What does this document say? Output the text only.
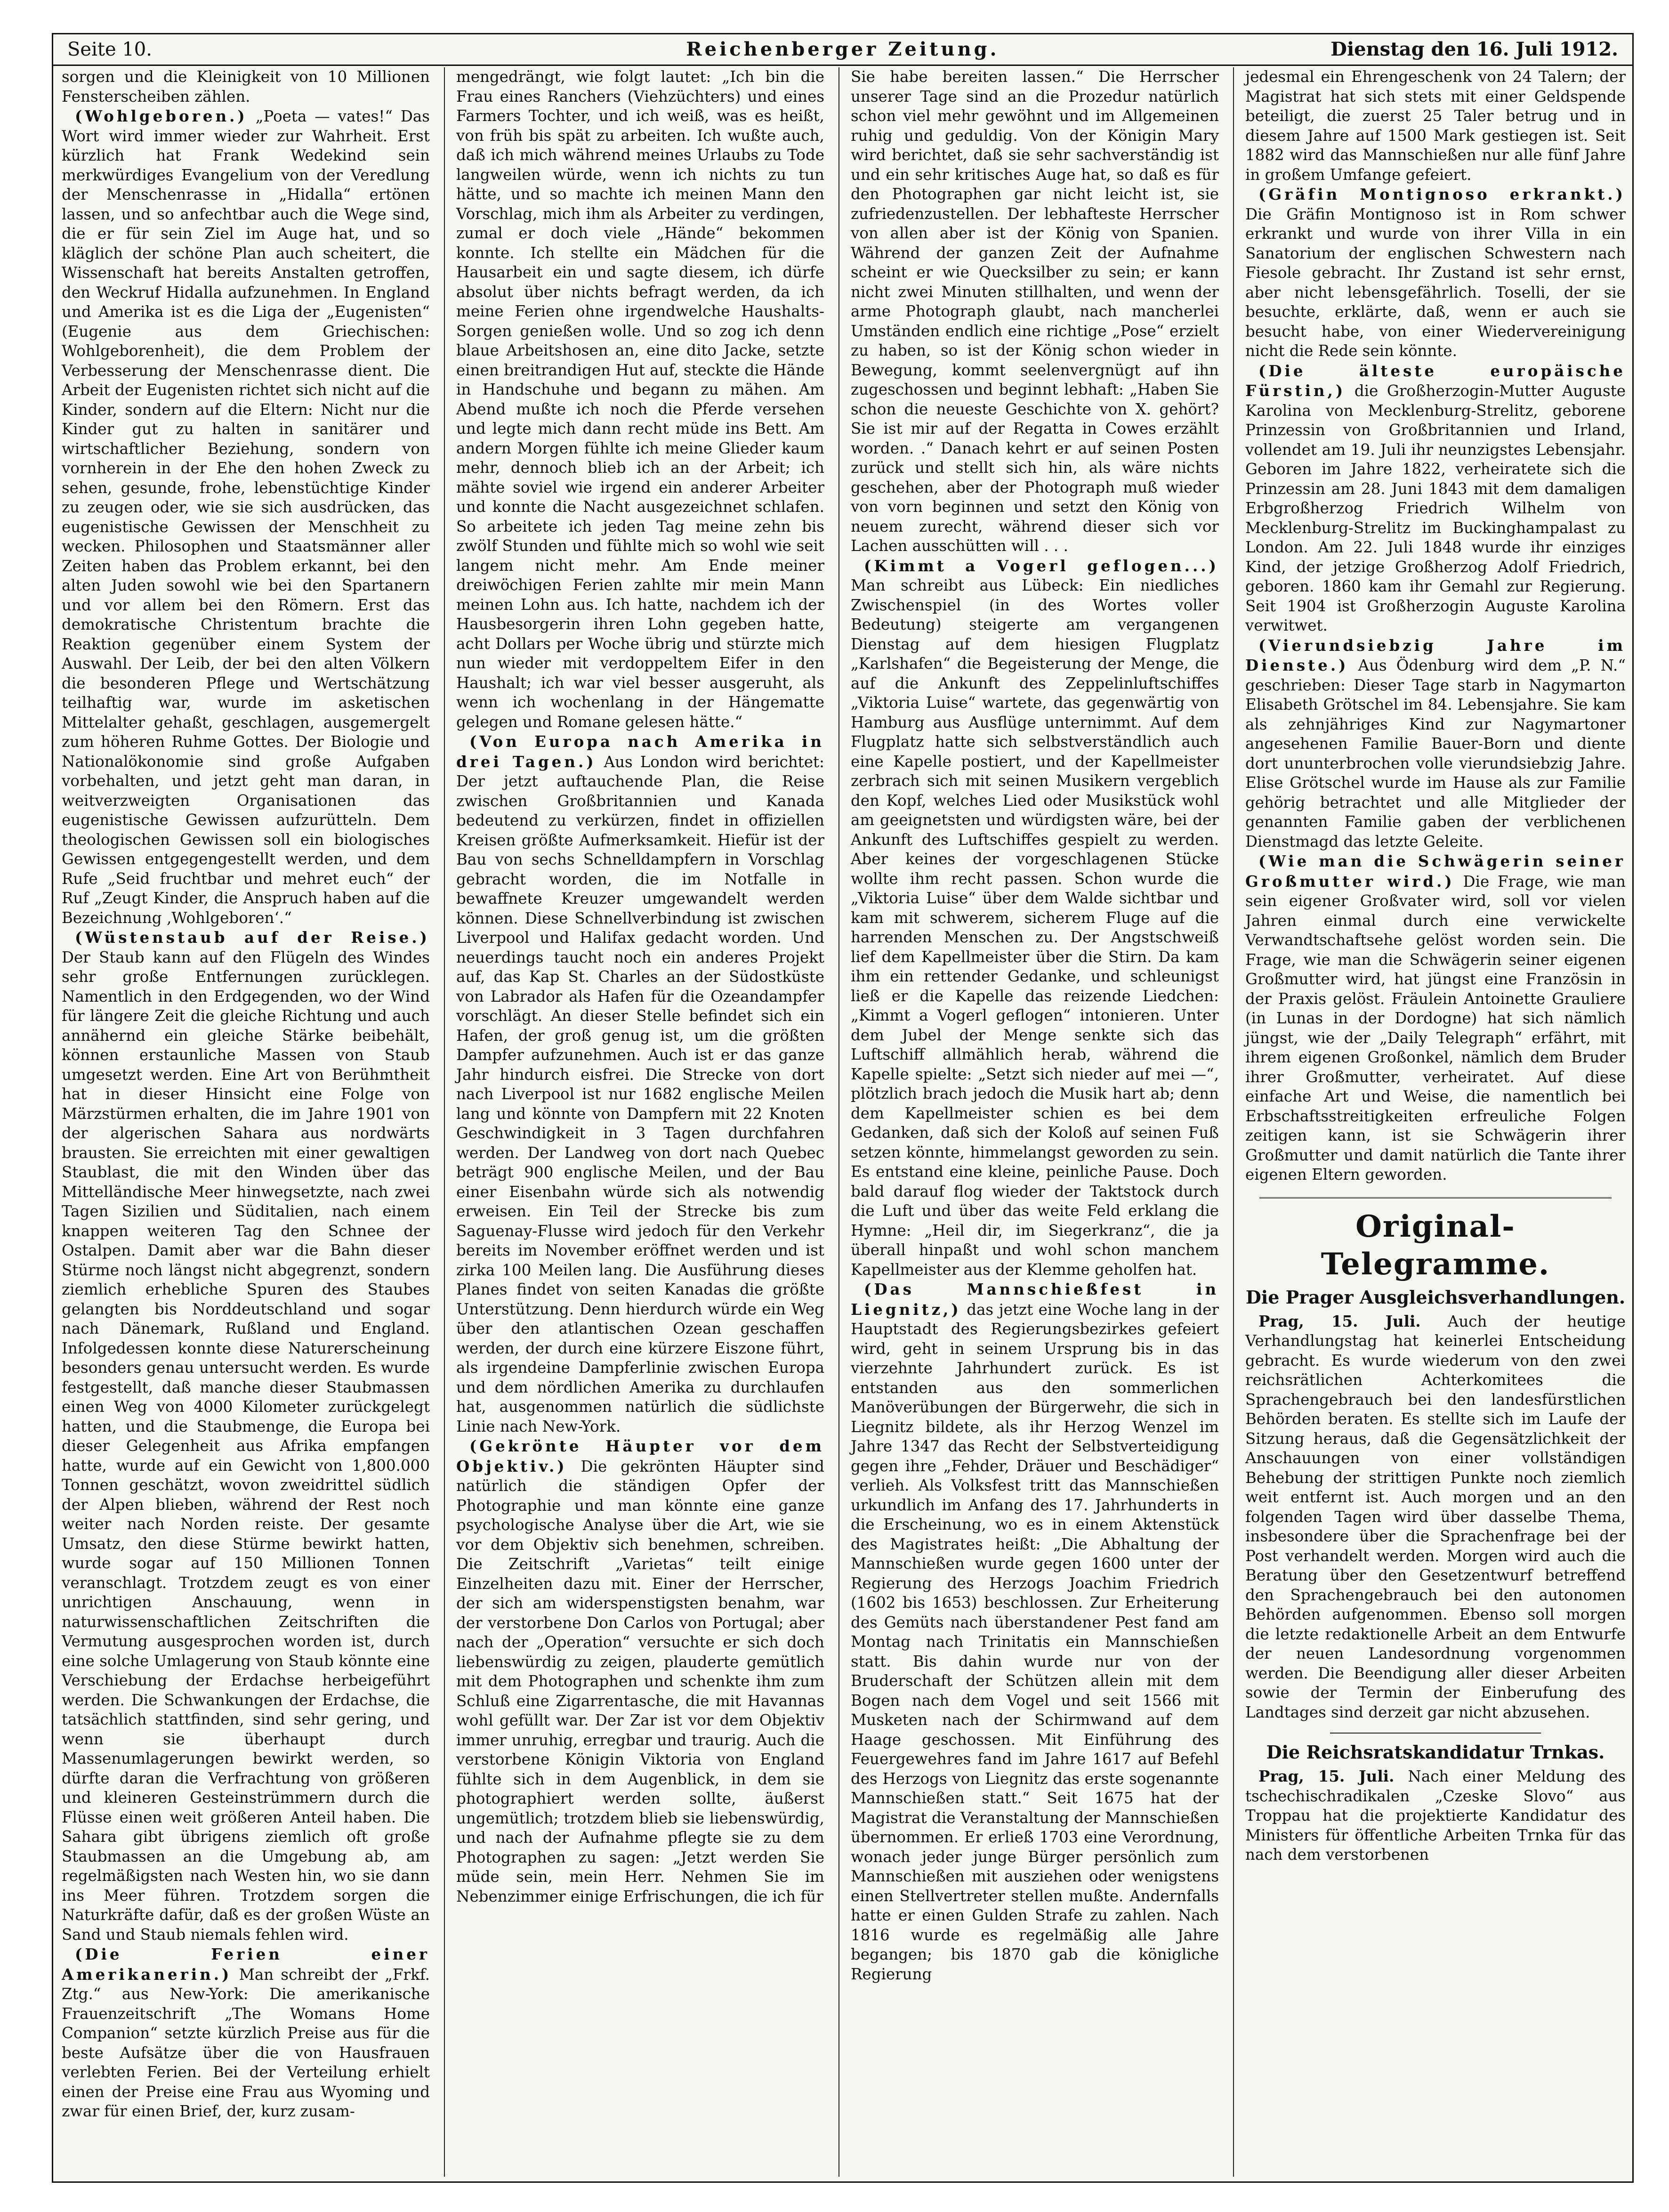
Seite 10.	Reichenberger Zeitung.	Dienstag den 16. Juli 1912.

sorgen und die Kleinigkeit von 10 Millionen Fensterscheiben zählen.

(Wohlgeboren.) „Poeta — vates!“ Das Wort wird immer wieder zur Wahrheit. Erst kürzlich hat Frank Wedekind sein merkwürdiges Evangelium von der Veredlung der Menschenrasse in „Hidalla“ ertönen lassen, und so anfechtbar auch die Wege sind, die er für sein Ziel im Auge hat, und so kläglich der schöne Plan auch scheitert, die Wissenschaft hat bereits Anstalten getroffen, den Weckruf Hidalla aufzunehmen. In England und Amerika ist es die Liga der „Eugenisten“ (Eugenie aus dem Griechischen: Wohlgeborenheit), die dem Problem der Verbesserung der Menschenrasse dient. Die Arbeit der Eugenisten richtet sich nicht auf die Kinder, sondern auf die Eltern: Nicht nur die Kinder gut zu halten in sanitärer und wirtschaftlicher Beziehung, sondern von vornherein in der Ehe den hohen Zweck zu sehen, gesunde, frohe, lebenstüchtige Kinder zu zeugen oder, wie sie sich ausdrücken, das eugenistische Gewissen der Menschheit zu wecken. Philosophen und Staatsmänner aller Zeiten haben das Problem erkannt, bei den alten Juden sowohl wie bei den Spartanern und vor allem bei den Römern. Erst das demokratische Christentum brachte die Reaktion gegenüber einem System der Auswahl. Der Leib, der bei den alten Völkern die besonderen Pflege und Wertschätzung teilhaftig war, wurde im asketischen Mittelalter gehaßt, geschlagen, ausgemergelt zum höheren Ruhme Gottes. Der Biologie und Nationalökonomie sind große Aufgaben vorbehalten, und jetzt geht man daran, in weitverzweigten Organisationen das eugenistische Gewissen aufzurütteln. Dem theologischen Gewissen soll ein biologisches Gewissen entgegengestellt werden, und dem Rufe „Seid fruchtbar und mehret euch“ der Ruf „Zeugt Kinder, die Anspruch haben auf die Bezeichnung ‚Wohlgeboren‘.“

(Wüstenstaub auf der Reise.) Der Staub kann auf den Flügeln des Windes sehr große Entfernungen zurücklegen. Namentlich in den Erdgegenden, wo der Wind für längere Zeit die gleiche Richtung und auch annähernd ein gleiche Stärke beibehält, können erstaunliche Massen von Staub umgesetzt werden. Eine Art von Berühmtheit hat in dieser Hinsicht eine Folge von Märzstürmen erhalten, die im Jahre 1901 von der algerischen Sahara aus nordwärts brausten. Sie erreichten mit einer gewaltigen Staublast, die mit den Winden über das Mittelländische Meer hinwegsetzte, nach zwei Tagen Sizilien und Süditalien, nach einem knappen weiteren Tag den Schnee der Ostalpen. Damit aber war die Bahn dieser Stürme noch längst nicht abgegrenzt, sondern ziemlich erhebliche Spuren des Staubes gelangten bis Norddeutschland und sogar nach Dänemark, Rußland und England. Infolgedessen konnte diese Naturerscheinung besonders genau untersucht werden. Es wurde festgestellt, daß manche dieser Staubmassen einen Weg von 4000 Kilometer zurückgelegt hatten, und die Staubmenge, die Europa bei dieser Gelegenheit aus Afrika empfangen hatte, wurde auf ein Gewicht von 1,800.000 Tonnen geschätzt, wovon zweidrittel südlich der Alpen blieben, während der Rest noch weiter nach Norden reiste. Der gesamte Umsatz, den diese Stürme bewirkt hatten, wurde sogar auf 150 Millionen Tonnen veranschlagt. Trotzdem zeugt es von einer unrichtigen Anschauung, wenn in naturwissenschaftlichen Zeitschriften die Vermutung ausgesprochen worden ist, durch eine solche Umlagerung von Staub könnte eine Verschiebung der Erdachse herbeigeführt werden. Die Schwankungen der Erdachse, die tatsächlich stattfinden, sind sehr gering, und wenn sie überhaupt durch Massenumlagerungen bewirkt werden, so dürfte daran die Verfrachtung von größeren und kleineren Gesteinstrümmern durch die Flüsse einen weit größeren Anteil haben. Die Sahara gibt übrigens ziemlich oft große Staubmassen an die Umgebung ab, am regelmäßigsten nach Westen hin, wo sie dann ins Meer führen. Trotzdem sorgen die Naturkräfte dafür, daß es der großen Wüste an Sand und Staub niemals fehlen wird.

(Die Ferien einer Amerikanerin.) Man schreibt der „Frkf. Ztg.“ aus New-York: Die amerikanische Frauenzeitschrift „The Womans Home Companion“ setzte kürzlich Preise aus für die beste Aufsätze über die von Hausfrauen verlebten Ferien. Bei der Verteilung erhielt einen der Preise eine Frau aus Wyoming und zwar für einen Brief, der, kurz zusam-

mengedrängt, wie folgt lautet: „Ich bin die Frau eines Ranchers (Viehzüchters) und eines Farmers Tochter, und ich weiß, was es heißt, von früh bis spät zu arbeiten. Ich wußte auch, daß ich mich während meines Urlaubs zu Tode langweilen würde, wenn ich nichts zu tun hätte, und so machte ich meinen Mann den Vorschlag, mich ihm als Arbeiter zu verdingen, zumal er doch viele „Hände“ bekommen konnte. Ich stellte ein Mädchen für die Hausarbeit ein und sagte diesem, ich dürfe absolut über nichts befragt werden, da ich meine Ferien ohne irgendwelche Haushalts-Sorgen genießen wolle. Und so zog ich denn blaue Arbeitshosen an, eine dito Jacke, setzte einen breitrandigen Hut auf, steckte die Hände in Handschuhe und begann zu mähen. Am Abend mußte ich noch die Pferde versehen und legte mich dann recht müde ins Bett. Am andern Morgen fühlte ich meine Glieder kaum mehr, dennoch blieb ich an der Arbeit; ich mähte soviel wie irgend ein anderer Arbeiter und konnte die Nacht ausgezeichnet schlafen. So arbeitete ich jeden Tag meine zehn bis zwölf Stunden und fühlte mich so wohl wie seit langem nicht mehr. Am Ende meiner dreiwöchigen Ferien zahlte mir mein Mann meinen Lohn aus. Ich hatte, nachdem ich der Hausbesorgerin ihren Lohn gegeben hatte, acht Dollars per Woche übrig und stürzte mich nun wieder mit verdoppeltem Eifer in den Haushalt; ich war viel besser ausgeruht, als wenn ich wochenlang in der Hängematte gelegen und Romane gelesen hätte.“

(Von Europa nach Amerika in drei Tagen.) Aus London wird berichtet: Der jetzt auftauchende Plan, die Reise zwischen Großbritannien und Kanada bedeutend zu verkürzen, findet in offiziellen Kreisen größte Aufmerksamkeit. Hiefür ist der Bau von sechs Schnelldampfern in Vorschlag gebracht worden, die im Notfalle in bewaffnete Kreuzer umgewandelt werden können. Diese Schnellverbindung ist zwischen Liverpool und Halifax gedacht worden. Und neuerdings taucht noch ein anderes Projekt auf, das Kap St. Charles an der Südostküste von Labrador als Hafen für die Ozeandampfer vorschlägt. An dieser Stelle befindet sich ein Hafen, der groß genug ist, um die größten Dampfer aufzunehmen. Auch ist er das ganze Jahr hindurch eisfrei. Die Strecke von dort nach Liverpool ist nur 1682 englische Meilen lang und könnte von Dampfern mit 22 Knoten Geschwindigkeit in 3 Tagen durchfahren werden. Der Landweg von dort nach Quebec beträgt 900 englische Meilen, und der Bau einer Eisenbahn würde sich als notwendig erweisen. Ein Teil der Strecke bis zum Saguenay-Flusse wird jedoch für den Verkehr bereits im November eröffnet werden und ist zirka 100 Meilen lang. Die Ausführung dieses Planes findet von seiten Kanadas die größte Unterstützung. Denn hierdurch würde ein Weg über den atlantischen Ozean geschaffen werden, der durch eine kürzere Eiszone führt, als irgendeine Dampferlinie zwischen Europa und dem nördlichen Amerika zu durchlaufen hat, ausgenommen natürlich die südlichste Linie nach New-York.

(Gekrönte Häupter vor dem Objektiv.) Die gekrönten Häupter sind natürlich die ständigen Opfer der Photographie und man könnte eine ganze psychologische Analyse über die Art, wie sie vor dem Objektiv sich benehmen, schreiben. Die Zeitschrift „Varietas“ teilt einige Einzelheiten dazu mit. Einer der Herrscher, der sich am widerspenstigsten benahm, war der verstorbene Don Carlos von Portugal; aber nach der „Operation“ versuchte er sich doch liebenswürdig zu zeigen, plauderte gemütlich mit dem Photographen und schenkte ihm zum Schluß eine Zigarrentasche, die mit Havannas wohl gefüllt war. Der Zar ist vor dem Objektiv immer unruhig, erregbar und traurig. Auch die verstorbene Königin Viktoria von England fühlte sich in dem Augenblick, in dem sie photographiert werden sollte, äußerst ungemütlich; trotzdem blieb sie liebenswürdig, und nach der Aufnahme pflegte sie zu dem Photographen zu sagen: „Jetzt werden Sie müde sein, mein Herr. Nehmen Sie im Nebenzimmer einige Erfrischungen, die ich für

Sie habe bereiten lassen.“ Die Herrscher unserer Tage sind an die Prozedur natürlich schon viel mehr gewöhnt und im Allgemeinen ruhig und geduldig. Von der Königin Mary wird berichtet, daß sie sehr sachverständig ist und ein sehr kritisches Auge hat, so daß es für den Photographen gar nicht leicht ist, sie zufriedenzustellen. Der lebhafteste Herrscher von allen aber ist der König von Spanien. Während der ganzen Zeit der Aufnahme scheint er wie Quecksilber zu sein; er kann nicht zwei Minuten stillhalten, und wenn der arme Photograph glaubt, nach mancherlei Umständen endlich eine richtige „Pose“ erzielt zu haben, so ist der König schon wieder in Bewegung, kommt seelenvergnügt auf ihn zugeschossen und beginnt lebhaft: „Haben Sie schon die neueste Geschichte von X. gehört? Sie ist mir auf der Regatta in Cowes erzählt worden. .“ Danach kehrt er auf seinen Posten zurück und stellt sich hin, als wäre nichts geschehen, aber der Photograph muß wieder von vorn beginnen und setzt den König von neuem zurecht, während dieser sich vor Lachen ausschütten will . . .

(Kimmt a Vogerl geflogen...) Man schreibt aus Lübeck: Ein niedliches Zwischenspiel (in des Wortes voller Bedeutung) steigerte am vergangenen Dienstag auf dem hiesigen Flugplatz „Karlshafen“ die Begeisterung der Menge, die auf die Ankunft des Zeppelinluftschiffes „Viktoria Luise“ wartete, das gegenwärtig von Hamburg aus Ausflüge unternimmt. Auf dem Flugplatz hatte sich selbstverständlich auch eine Kapelle postiert, und der Kapellmeister zerbrach sich mit seinen Musikern vergeblich den Kopf, welches Lied oder Musikstück wohl am geeignetsten und würdigsten wäre, bei der Ankunft des Luftschiffes gespielt zu werden. Aber keines der vorgeschlagenen Stücke wollte ihm recht passen. Schon wurde die „Viktoria Luise“ über dem Walde sichtbar und kam mit schwerem, sicherem Fluge auf die harrenden Menschen zu. Der Angstschweiß lief dem Kapellmeister über die Stirn. Da kam ihm ein rettender Gedanke, und schleunigst ließ er die Kapelle das reizende Liedchen: „Kimmt a Vogerl geflogen“ intonieren. Unter dem Jubel der Menge senkte sich das Luftschiff allmählich herab, während die Kapelle spielte: „Setzt sich nieder auf mei —“, plötzlich brach jedoch die Musik hart ab; denn dem Kapellmeister schien es bei dem Gedanken, daß sich der Koloß auf seinen Fuß setzen könnte, himmelangst geworden zu sein. Es entstand eine kleine, peinliche Pause. Doch bald darauf flog wieder der Taktstock durch die Luft und über das weite Feld erklang die Hymne: „Heil dir, im Siegerkranz“, die ja überall hinpaßt und wohl schon manchem Kapellmeister aus der Klemme geholfen hat.

(Das Mannschießfest in Liegnitz,) das jetzt eine Woche lang in der Hauptstadt des Regierungsbezirkes gefeiert wird, geht in seinem Ursprung bis in das vierzehnte Jahrhundert zurück. Es ist entstanden aus den sommerlichen Manöverübungen der Bürgerwehr, die sich in Liegnitz bildete, als ihr Herzog Wenzel im Jahre 1347 das Recht der Selbstverteidigung gegen ihre „Fehder, Dräuer und Beschädiger“ verlieh. Als Volksfest tritt das Mannschießen urkundlich im Anfang des 17. Jahrhunderts in die Erscheinung, wo es in einem Aktenstück des Magistrates heißt: „Die Abhaltung der Mannschießen wurde gegen 1600 unter der Regierung des Herzogs Joachim Friedrich (1602 bis 1653) beschlossen. Zur Erheiterung des Gemüts nach überstandener Pest fand am Montag nach Trinitatis ein Mannschießen statt. Bis dahin wurde nur von der Bruderschaft der Schützen allein mit dem Bogen nach dem Vogel und seit 1566 mit Musketen nach der Schirmwand auf dem Haage geschossen. Mit Einführung des Feuergewehres fand im Jahre 1617 auf Befehl des Herzogs von Liegnitz das erste sogenannte Mannschießen statt.“ Seit 1675 hat der Magistrat die Veranstaltung der Mannschießen übernommen. Er erließ 1703 eine Verordnung, wonach jeder junge Bürger persönlich zum Mannschießen mit ausziehen oder wenigstens einen Stellvertreter stellen mußte. Andernfalls hatte er einen Gulden Strafe zu zahlen. Nach 1816 wurde es regelmäßig alle Jahre begangen; bis 1870 gab die königliche Regierung

jedesmal ein Ehrengeschenk von 24 Talern; der Magistrat hat sich stets mit einer Geldspende beteiligt, die zuerst 25 Taler betrug und in diesem Jahre auf 1500 Mark gestiegen ist. Seit 1882 wird das Mannschießen nur alle fünf Jahre in großem Umfange gefeiert.

(Gräfin Montignoso erkrankt.) Die Gräfin Montignoso ist in Rom schwer erkrankt und wurde von ihrer Villa in ein Sanatorium der englischen Schwestern nach Fiesole gebracht. Ihr Zustand ist sehr ernst, aber nicht lebensgefährlich. Toselli, der sie besuchte, erklärte, daß, wenn er auch sie besucht habe, von einer Wiedervereinigung nicht die Rede sein könnte.

(Die älteste europäische Fürstin,) die Großherzogin-Mutter Auguste Karolina von Mecklenburg-Strelitz, geborene Prinzessin von Großbritannien und Irland, vollendet am 19. Juli ihr neunzigstes Lebensjahr. Geboren im Jahre 1822, verheiratete sich die Prinzessin am 28. Juni 1843 mit dem damaligen Erbgroßherzog Friedrich Wilhelm von Mecklenburg-Strelitz im Buckinghampalast zu London. Am 22. Juli 1848 wurde ihr einziges Kind, der jetzige Großherzog Adolf Friedrich, geboren. 1860 kam ihr Gemahl zur Regierung. Seit 1904 ist Großherzogin Auguste Karolina verwitwet.

(Vierundsiebzig Jahre im Dienste.) Aus Ödenburg wird dem „P. N.“ geschrieben: Dieser Tage starb in Nagymarton Elisabeth Grötschel im 84. Lebensjahre. Sie kam als zehnjähriges Kind zur Nagymartoner angesehenen Familie Bauer-Born und diente dort ununterbrochen volle vierundsiebzig Jahre. Elise Grötschel wurde im Hause als zur Familie gehörig betrachtet und alle Mitglieder der genannten Familie gaben der verblichenen Dienstmagd das letzte Geleite.

(Wie man die Schwägerin seiner Großmutter wird.) Die Frage, wie man sein eigener Großvater wird, soll vor vielen Jahren einmal durch eine verwickelte Verwandtschaftsehe gelöst worden sein. Die Frage, wie man die Schwägerin seiner eigenen Großmutter wird, hat jüngst eine Französin in der Praxis gelöst. Fräulein Antoinette Grauliere (in Lunas in der Dordogne) hat sich nämlich jüngst, wie der „Daily Telegraph“ erfährt, mit ihrem eigenen Großonkel, nämlich dem Bruder ihrer Großmutter, verheiratet. Auf diese einfache Art und Weise, die namentlich bei Erbschaftsstreitigkeiten erfreuliche Folgen zeitigen kann, ist sie Schwägerin ihrer Großmutter und damit natürlich die Tante ihrer eigenen Eltern geworden.

Original-Telegramme.
Die Prager Ausgleichsverhandlungen.

Prag, 15. Juli. Auch der heutige Verhandlungstag hat keinerlei Entscheidung gebracht. Es wurde wiederum von den zwei reichsrätlichen Achterkomitees die Sprachengebrauch bei den landesfürstlichen Behörden beraten. Es stellte sich im Laufe der Sitzung heraus, daß die Gegensätzlichkeit der Anschauungen von einer vollständigen Behebung der strittigen Punkte noch ziemlich weit entfernt ist. Auch morgen und an den folgenden Tagen wird über dasselbe Thema, insbesondere über die Sprachenfrage bei der Post verhandelt werden. Morgen wird auch die Beratung über den Gesetzentwurf betreffend den Sprachengebrauch bei den autonomen Behörden aufgenommen. Ebenso soll morgen die letzte redaktionelle Arbeit an dem Entwurfe der neuen Landesordnung vorgenommen werden. Die Beendigung aller dieser Arbeiten sowie der Termin der Einberufung des Landtages sind derzeit gar nicht abzusehen.

Die Reichsratskandidatur Trnkas.

Prag, 15. Juli. Nach einer Meldung des tschechischradikalen „Czeske Slovo“ aus Troppau hat die projektierte Kandidatur des Ministers für öffentliche Arbeiten Trnka für das nach dem verstorbenen
